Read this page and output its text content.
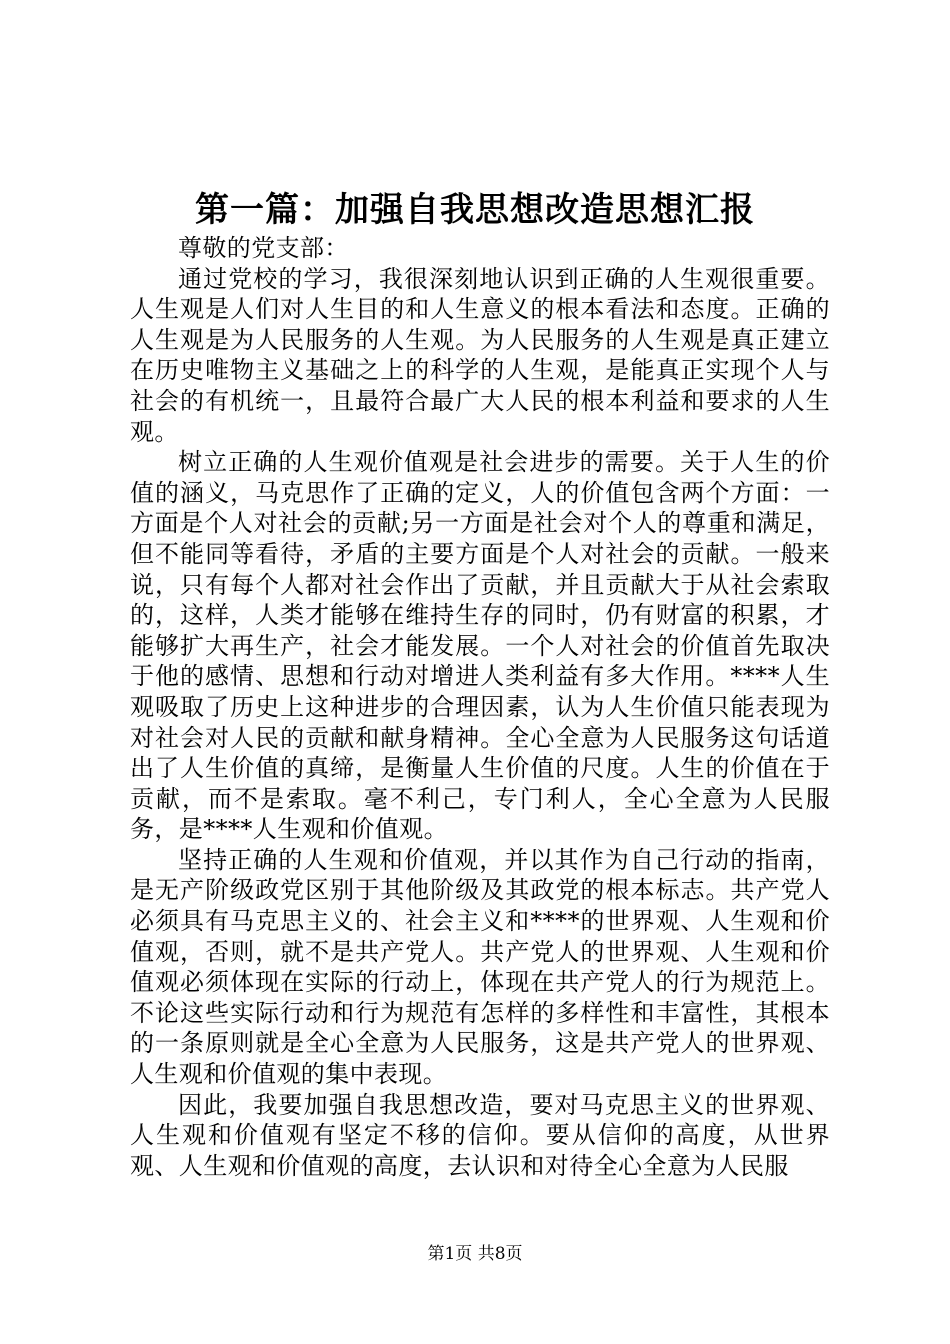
第一篇：加强自我思想改造思想汇报

尊敬的党支部：

通过党校的学习，我很深刻地认识到正确的人生观很重要。人生观是人们对人生目的和人生意义的根本看法和态度。正确的人生观是为人民服务的人生观。为人民服务的人生观是真正建立在历史唯物主义基础之上的科学的人生观，是能真正实现个人与社会的有机统一，且最符合最广大人民的根本利益和要求的人生观。

树立正确的人生观价值观是社会进步的需要。关于人生的价值的涵义，马克思作了正确的定义，人的价值包含两个方面：一方面是个人对社会的贡献;另一方面是社会对个人的尊重和满足，但不能同等看待，矛盾的主要方面是个人对社会的贡献。一般来说，只有每个人都对社会作出了贡献，并且贡献大于从社会索取的，这样，人类才能够在维持生存的同时，仍有财富的积累，才能够扩大再生产，社会才能发展。一个人对社会的价值首先取决于他的感情、思想和行动对增进人类利益有多大作用。****人生观吸取了历史上这种进步的合理因素，认为人生价值只能表现为对社会对人民的贡献和献身精神。全心全意为人民服务这句话道出了人生价值的真缔，是衡量人生价值的尺度。人生的价值在于贡献，而不是索取。毫不利己，专门利人，全心全意为人民服务，是****人生观和价值观。

坚持正确的人生观和价值观，并以其作为自己行动的指南，是无产阶级政党区别于其他阶级及其政党的根本标志。共产党人必须具有马克思主义的、社会主义和****的世界观、人生观和价值观，否则，就不是共产党人。共产党人的世界观、人生观和价值观必须体现在实际的行动上，体现在共产党人的行为规范上。不论这些实际行动和行为规范有怎样的多样性和丰富性，其根本的一条原则就是全心全意为人民服务，这是共产党人的世界观、人生观和价值观的集中表现。

因此，我要加强自我思想改造，要对马克思主义的世界观、人生观和价值观有坚定不移的信仰。要从信仰的高度，从世界观、人生观和价值观的高度，去认识和对待全心全意为人民服

第1页 共8页
